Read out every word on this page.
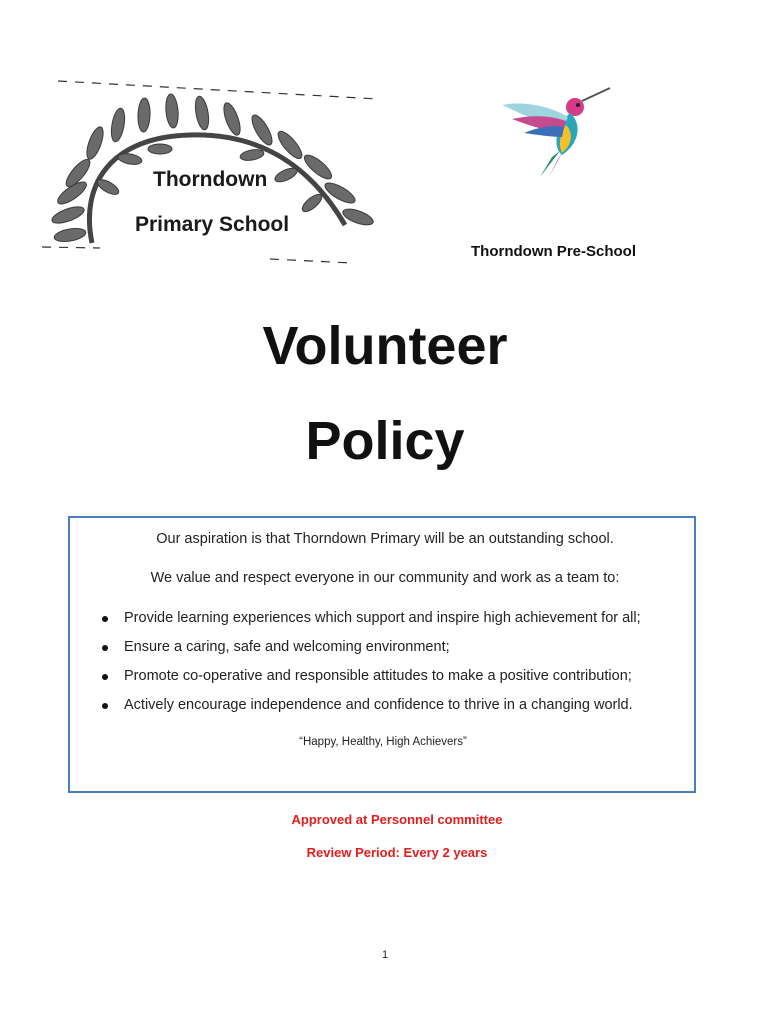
Thorndown
Primary School
Thorndown Pre-School
Volunteer
Policy
Our aspiration is that Thorndown Primary will be an outstanding school.
We value and respect everyone in our community and work as a team to:
Provide learning experiences which support and inspire high achievement for all;
Ensure a caring, safe and welcoming environment;
Promote co-operative and responsible attitudes to make a positive contribution;
Actively encourage independence and confidence to thrive in a changing world.
“Happy, Healthy, High Achievers”
Approved at Personnel committee
Review Period: Every 2 years
1
